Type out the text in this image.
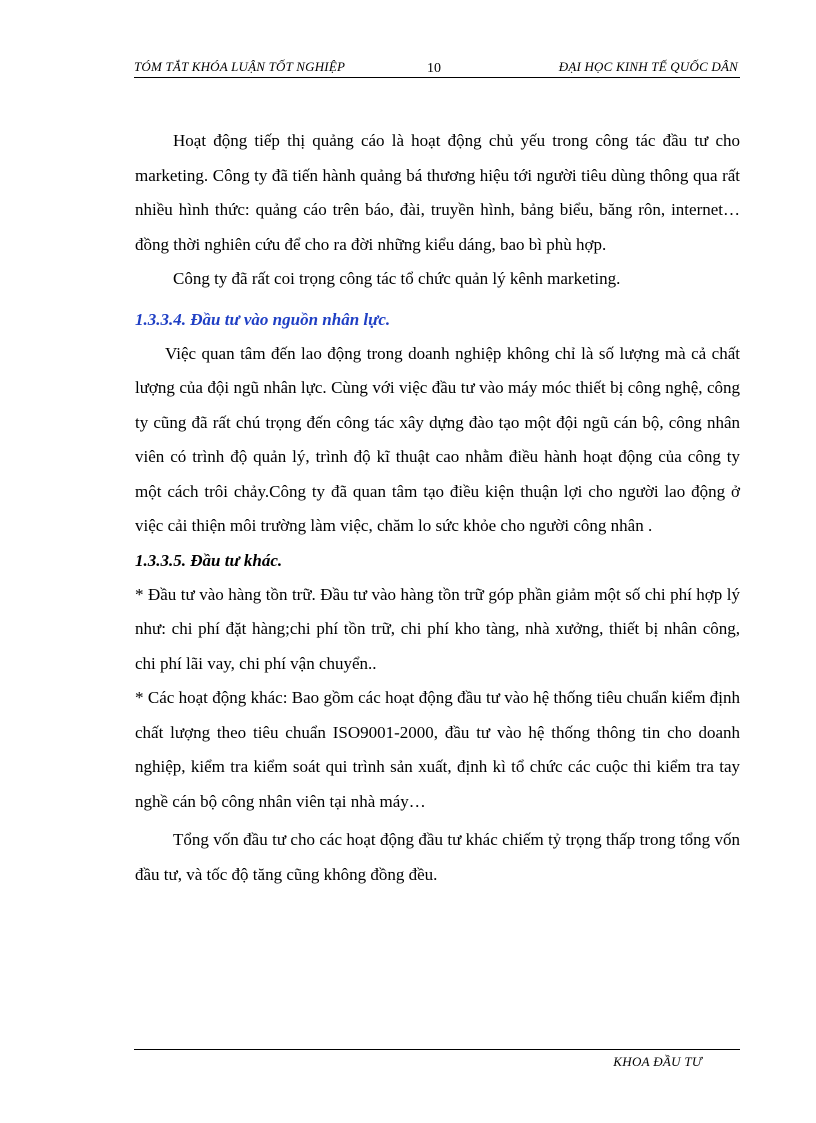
TÓM TẮT KHÓA LUẬN TỐT NGHIỆP	10	ĐẠI HỌC KINH TẾ QUỐC DÂN

Hoạt động tiếp thị quảng cáo là hoạt động chủ yếu trong công tác đầu tư cho marketing. Công ty đã tiến hành quảng bá thương hiệu tới người tiêu dùng thông qua rất nhiều hình thức: quảng cáo trên báo, đài, truyền hình, bảng biểu, băng rôn, internet… đồng thời nghiên cứu để cho ra đời những kiểu dáng, bao bì phù hợp.

Công ty đã rất coi trọng công tác tổ chức quản lý kênh marketing.

1.3.3.4. Đầu tư vào nguồn nhân lực.

Việc quan tâm đến lao động trong doanh nghiệp không chỉ là số lượng mà cả chất lượng của đội ngũ nhân lực. Cùng với việc đầu tư vào máy móc thiết bị công nghệ, công ty cũng đã rất chú trọng đến công tác xây dựng đào tạo một đội ngũ cán bộ, công nhân viên có trình độ quản lý, trình độ kĩ thuật cao nhằm điều hành hoạt động của công ty một cách trôi chảy.Công ty đã quan tâm tạo điều kiện thuận lợi cho người lao động ở việc cải thiện môi trường làm việc, chăm lo sức khỏe cho người công nhân .

1.3.3.5. Đầu tư khác.

* Đầu tư vào hàng tồn trữ. Đầu tư vào hàng tồn trữ góp phần giảm một số chi phí hợp lý như: chi phí đặt hàng;chi phí tồn trữ, chi phí kho tàng, nhà xưởng, thiết bị nhân công, chi phí lãi vay, chi phí vận chuyển..

* Các hoạt động khác: Bao gồm các hoạt động đầu tư vào hệ thống tiêu chuẩn kiểm định chất lượng theo tiêu chuẩn ISO9001-2000, đầu tư vào hệ thống thông tin cho doanh nghiệp, kiểm tra kiểm soát qui trình sản xuất, định kì tổ chức các cuộc thi kiểm tra tay nghề cán bộ công nhân viên tại nhà máy…

Tổng vốn đầu tư cho các hoạt động đầu tư khác chiếm tỷ trọng thấp trong tổng vốn đầu tư, và tốc độ tăng cũng không đồng đều.

KHOA ĐẦU TƯ
